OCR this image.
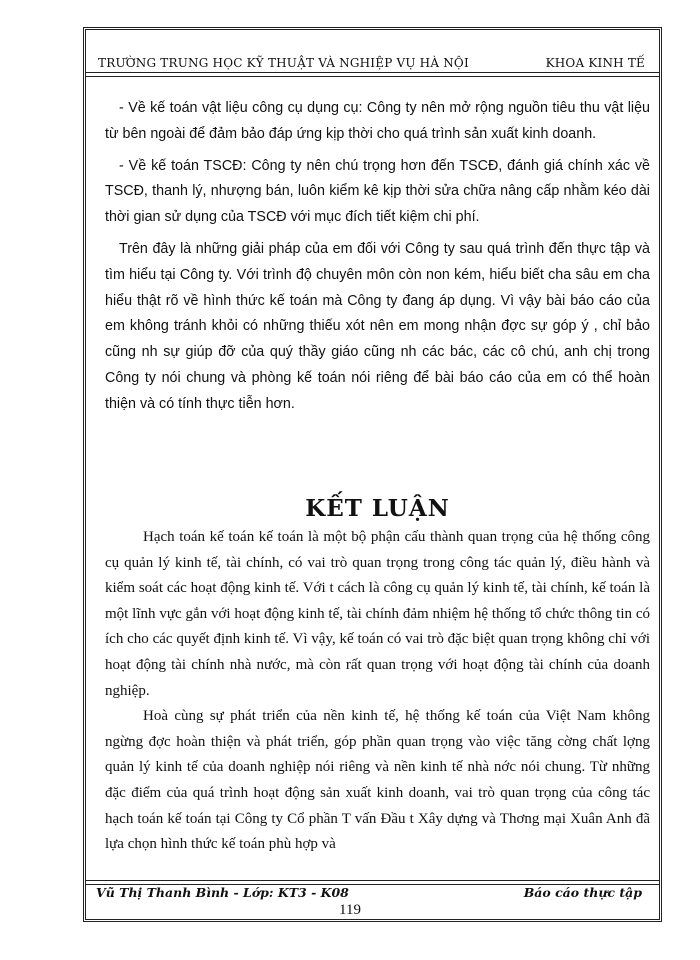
TRƯỜNG TRUNG HỌC KỸ THUẬT VÀ NGHIỆP VỤ HÀ NỘI	KHOA KINH TẾ

- Về kế toán vật liệu công cụ dụng cụ: Công ty nên mở rộng nguồn tiêu thu vật liệu từ bên ngoài để đảm bảo đáp ứng kịp thời cho quá trình sản xuất kinh doanh.

- Về kế toán TSCĐ: Công ty nên chú trọng hơn đến TSCĐ, đánh giá chính xác về TSCĐ, thanh lý, nhượng bán, luôn kiểm kê kịp thời sửa chữa nâng cấp nhằm kéo dài thời gian sử dụng của TSCĐ với mục đích tiết kiệm chi phí.

Trên đây là những giải pháp của em đối với Công ty sau quá trình đến thực tập và tìm hiểu tại Công ty. Với trình độ chuyên môn còn non kém, hiểu biết cha sâu em cha hiểu thật rõ về hình thức kế toán mà Công ty đang áp dụng. Vì vậy bài báo cáo của em không tránh khỏi có những thiếu xót nên em mong nhận đợc sự góp ý , chỉ bảo cũng nh sự giúp đỡ của quý thầy giáo cũng nh các bác, các cô chú, anh chị trong Công ty nói chung và phòng kế toán nói riêng để bài báo cáo của em có thể hoàn thiện và có tính thực tiễn hơn.

KẾT LUẬN

Hạch toán kế toán kế toán là một bộ phận cấu thành quan trọng của hệ thống công cụ quản lý kinh tế, tài chính, có vai trò quan trọng trong công tác quản lý, điều hành và kiểm soát các hoạt động kinh tế. Với t cách là công cụ quản lý kinh tế, tài chính, kế toán là một lĩnh vực gắn với hoạt động kinh tế, tài chính đảm nhiệm hệ thống tổ chức thông tin có ích cho các quyết định kinh tế. Vì vậy, kế toán có vai trò đặc biệt quan trọng không chỉ với hoạt động tài chính nhà nước, mà còn rất quan trọng với hoạt động tài chính của doanh nghiệp.

Hoà cùng sự phát triển của nền kinh tế, hệ thống kế toán của Việt Nam không ngừng đợc hoàn thiện và phát triển, góp phần quan trọng vào việc tăng cờng chất lợng quản lý kinh tế của doanh nghiệp nói riêng và nền kinh tế nhà nớc nói chung. Từ những đặc điểm của quá trình hoạt động sản xuất kinh doanh, vai trò quan trọng của công tác hạch toán kế toán tại Công ty Cổ phần T vấn Đầu t Xây dựng và Thơng mại Xuân Anh đã lựa chọn hình thức kế toán phù hợp và

Vũ Thị Thanh Bình - Lớp: KT3 - K08	Báo cáo thực tập
119
